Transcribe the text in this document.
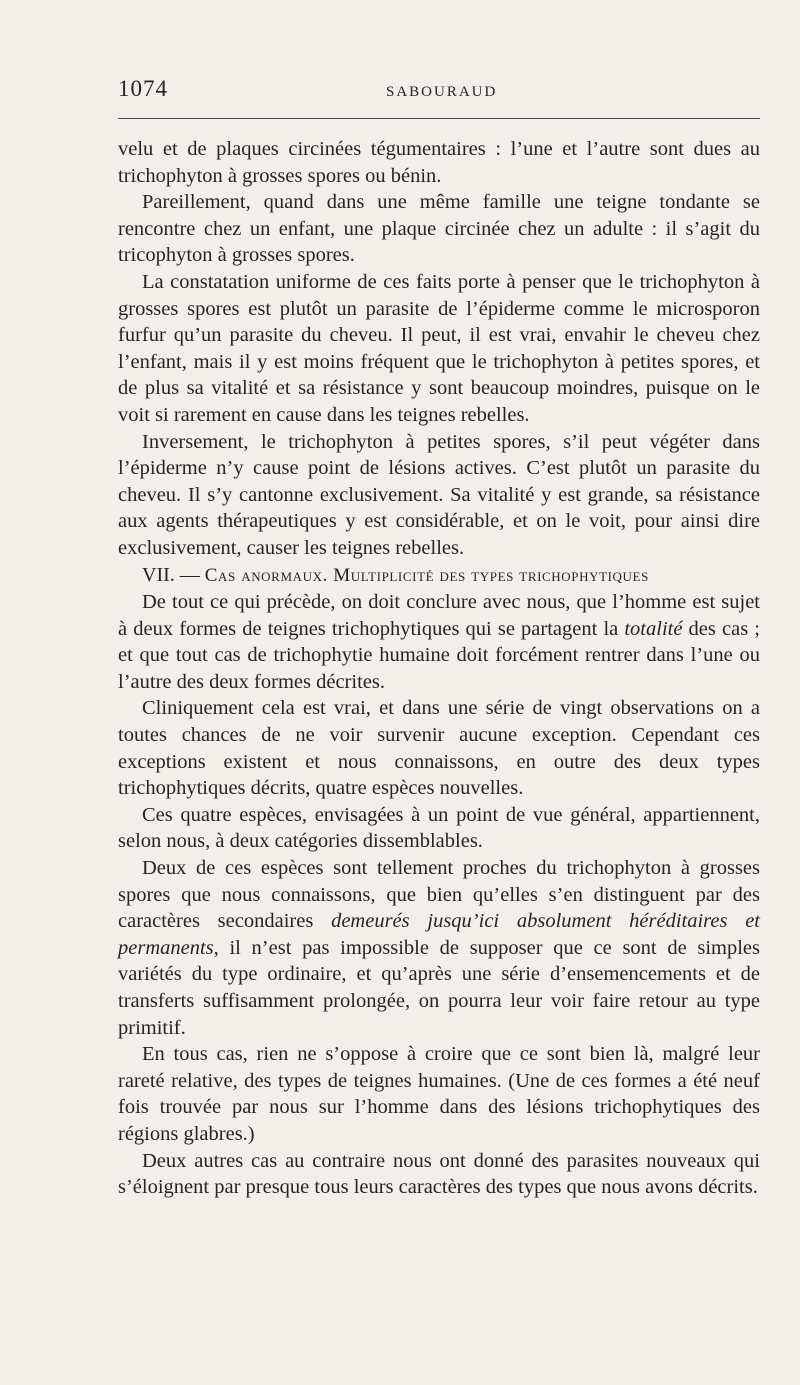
1074	SABOURAUD

velu et de plaques circinées tégumentaires : l’une et l’autre sont dues au trichophyton à grosses spores ou bénin.

Pareillement, quand dans une même famille une teigne tondante se rencontre chez un enfant, une plaque circinée chez un adulte : il s’agit du tricophyton à grosses spores.

La constatation uniforme de ces faits porte à penser que le trichophyton à grosses spores est plutôt un parasite de l’épiderme comme le microsporon furfur qu’un parasite du cheveu. Il peut, il est vrai, envahir le cheveu chez l’enfant, mais il y est moins fréquent que le trichophyton à petites spores, et de plus sa vitalité et sa résistance y sont beaucoup moindres, puisque on le voit si rarement en cause dans les teignes rebelles.

Inversement, le trichophyton à petites spores, s’il peut végéter dans l’épiderme n’y cause point de lésions actives. C’est plutôt un parasite du cheveu. Il s’y cantonne exclusivement. Sa vitalité y est grande, sa résistance aux agents thérapeutiques y est considérable, et on le voit, pour ainsi dire exclusivement, causer les teignes rebelles.

VII. — Cas anormaux. Multiplicité des types trichophytiques

De tout ce qui précède, on doit conclure avec nous, que l’homme est sujet à deux formes de teignes trichophytiques qui se partagent la totalité des cas ; et que tout cas de trichophytie humaine doit forcément rentrer dans l’une ou l’autre des deux formes décrites.

Cliniquement cela est vrai, et dans une série de vingt observations on a toutes chances de ne voir survenir aucune exception. Cependant ces exceptions existent et nous connaissons, en outre des deux types trichophytiques décrits, quatre espèces nouvelles.

Ces quatre espèces, envisagées à un point de vue général, appartiennent, selon nous, à deux catégories dissemblables.

Deux de ces espèces sont tellement proches du trichophyton à grosses spores que nous connaissons, que bien qu’elles s’en distinguent par des caractères secondaires demeurés jusqu’ici absolument héréditaires et permanents, il n’est pas impossible de supposer que ce sont de simples variétés du type ordinaire, et qu’après une série d’ensemencements et de transferts suffisamment prolongée, on pourra leur voir faire retour au type primitif.

En tous cas, rien ne s’oppose à croire que ce sont bien là, malgré leur rareté relative, des types de teignes humaines. (Une de ces formes a été neuf fois trouvée par nous sur l’homme dans des lésions trichophytiques des régions glabres.)

Deux autres cas au contraire nous ont donné des parasites nouveaux qui s’éloignent par presque tous leurs caractères des types que nous avons décrits.
